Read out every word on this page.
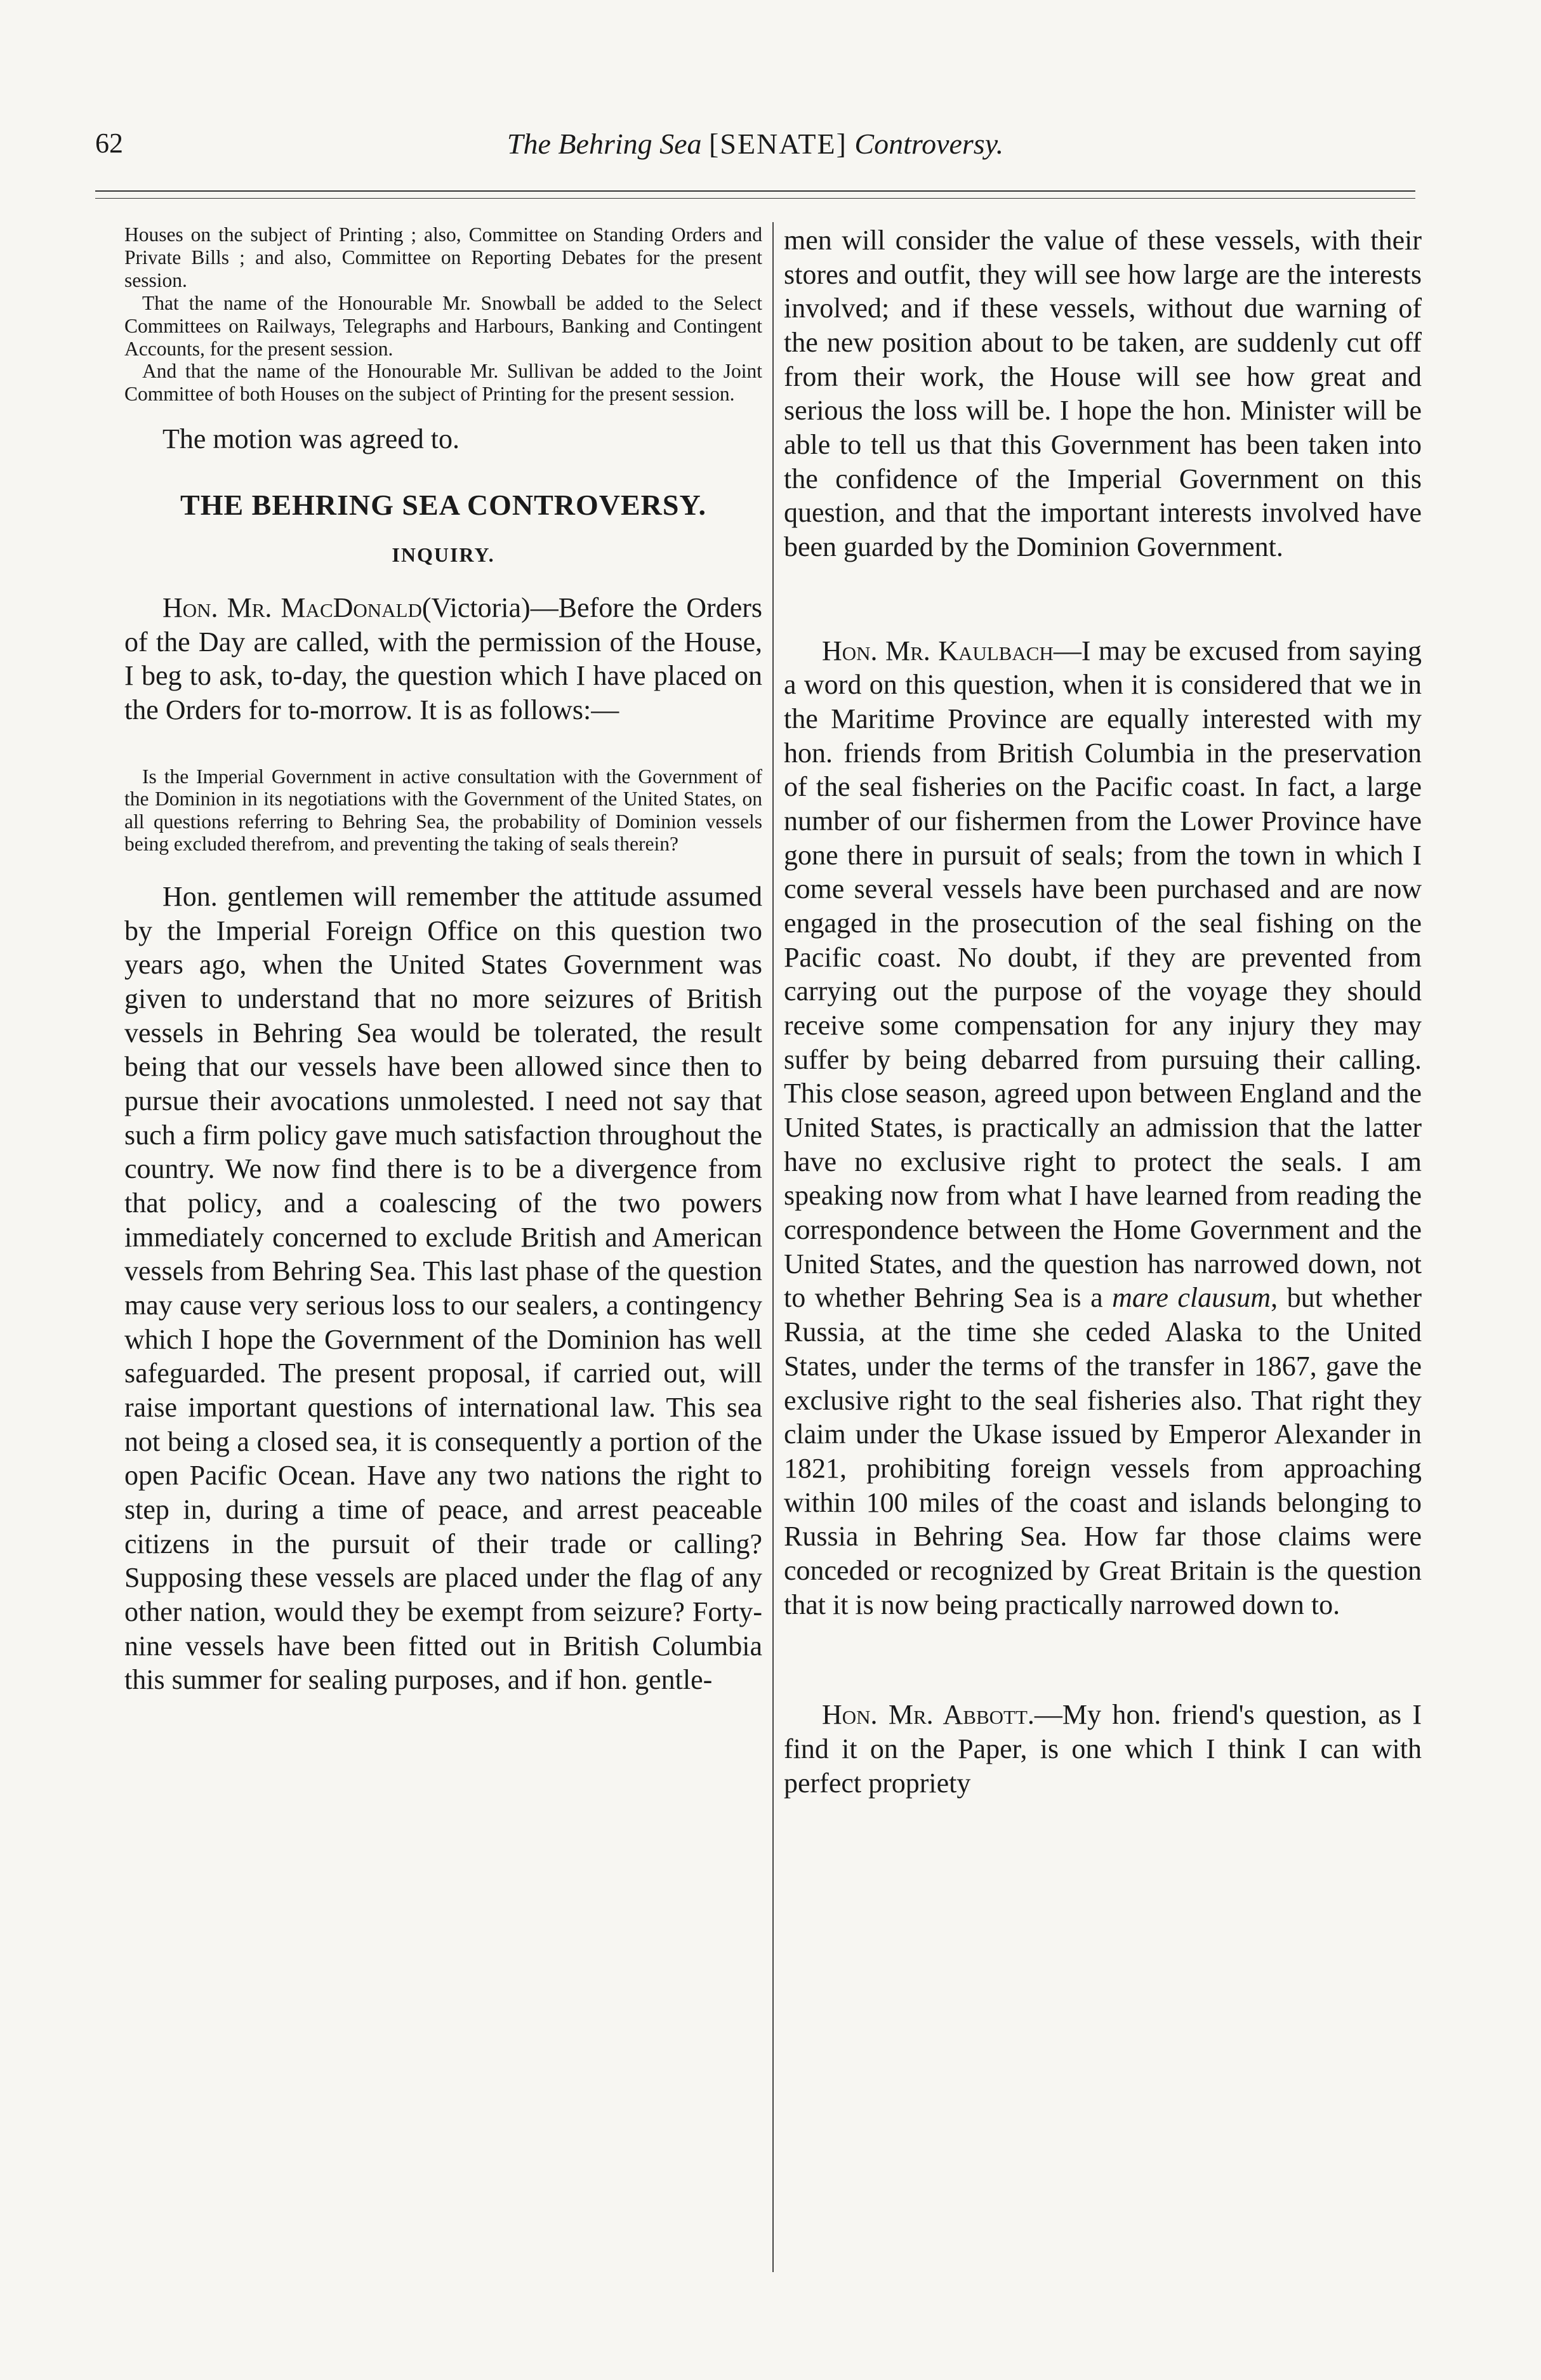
62	The Behring Sea [SENATE] Controversy.

Houses on the subject of Printing ; also, Committee on Standing Orders and Private Bills ; and also, Committee on Reporting Debates for the present session.

That the name of the Honourable Mr. Snowball be added to the Select Committees on Railways, Telegraphs and Harbours, Banking and Contingent Accounts, for the present session.

And that the name of the Honourable Mr. Sullivan be added to the Joint Committee of both Houses on the subject of Printing for the present session.

The motion was agreed to.

THE BEHRING SEA CONTROVERSY.
INQUIRY.

Hon. Mr. MacDonald(Victoria)—Before the Orders of the Day are called, with the permission of the House, I beg to ask, to-day, the question which I have placed on the Orders for to-morrow. It is as follows:—

Is the Imperial Government in active consultation with the Government of the Dominion in its negotiations with the Government of the United States, on all questions referring to Behring Sea, the probability of Dominion vessels being excluded therefrom, and preventing the taking of seals therein?

Hon. gentlemen will remember the attitude assumed by the Imperial Foreign Office on this question two years ago, when the United States Government was given to understand that no more seizures of British vessels in Behring Sea would be tolerated, the result being that our vessels have been allowed since then to pursue their avocations unmolested. I need not say that such a firm policy gave much satisfaction throughout the country. We now find there is to be a divergence from that policy, and a coalescing of the two powers immediately concerned to exclude British and American vessels from Behring Sea. This last phase of the question may cause very serious loss to our sealers, a contingency which I hope the Government of the Dominion has well safeguarded. The present proposal, if carried out, will raise important questions of international law. This sea not being a closed sea, it is consequently a portion of the open Pacific Ocean. Have any two nations the right to step in, during a time of peace, and arrest peaceable citizens in the pursuit of their trade or calling? Supposing these vessels are placed under the flag of any other nation, would they be exempt from seizure? Forty-nine vessels have been fitted out in British Columbia this summer for sealing purposes, and if hon. gentle-

men will consider the value of these vessels, with their stores and outfit, they will see how large are the interests involved; and if these vessels, without due warning of the new position about to be taken, are suddenly cut off from their work, the House will see how great and serious the loss will be. I hope the hon. Minister will be able to tell us that this Government has been taken into the confidence of the Imperial Government on this question, and that the important interests involved have been guarded by the Dominion Government.

Hon. Mr. Kaulbach—I may be excused from saying a word on this question, when it is considered that we in the Maritime Province are equally interested with my hon. friends from British Columbia in the preservation of the seal fisheries on the Pacific coast. In fact, a large number of our fishermen from the Lower Province have gone there in pursuit of seals; from the town in which I come several vessels have been purchased and are now engaged in the prosecution of the seal fishing on the Pacific coast. No doubt, if they are prevented from carrying out the purpose of the voyage they should receive some compensation for any injury they may suffer by being debarred from pursuing their calling. This close season, agreed upon between England and the United States, is practically an admission that the latter have no exclusive right to protect the seals. I am speaking now from what I have learned from reading the correspondence between the Home Government and the United States, and the question has narrowed down, not to whether Behring Sea is a mare clausum, but whether Russia, at the time she ceded Alaska to the United States, under the terms of the transfer in 1867, gave the exclusive right to the seal fisheries also. That right they claim under the Ukase issued by Emperor Alexander in 1821, prohibiting foreign vessels from approaching within 100 miles of the coast and islands belonging to Russia in Behring Sea. How far those claims were conceded or recognized by Great Britain is the question that it is now being practically narrowed down to.

Hon. Mr. Abbott.—My hon. friend's question, as I find it on the Paper, is one which I think I can with perfect propriety
